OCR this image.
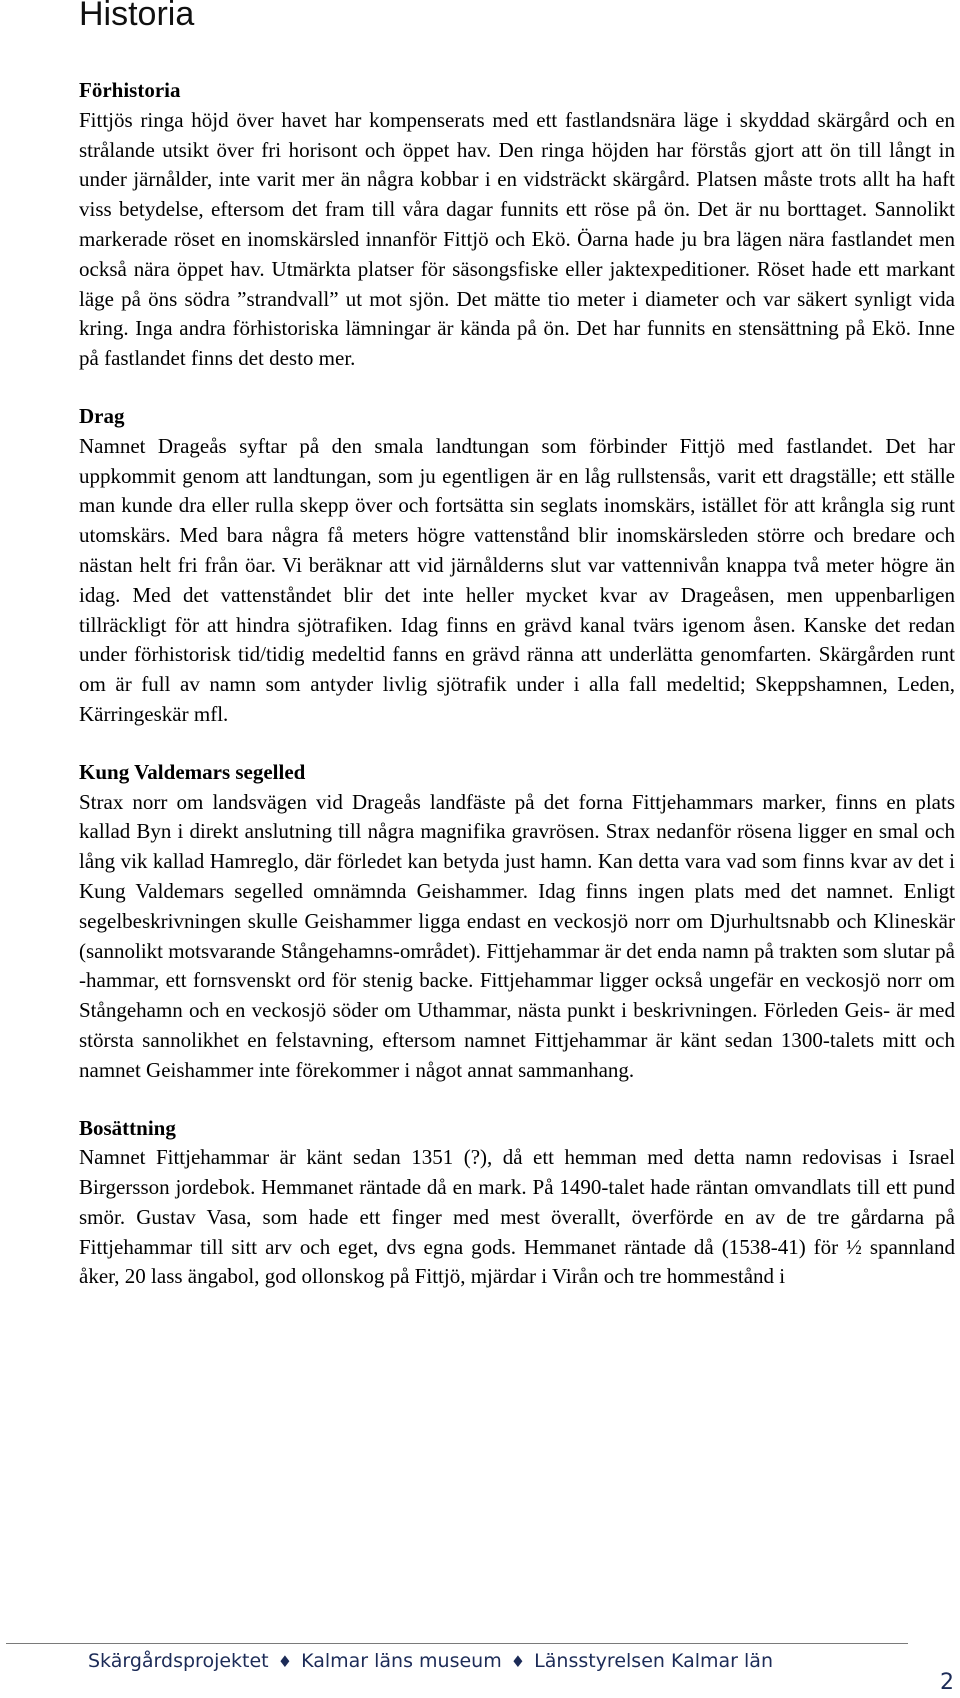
Historia
Förhistoria

Fittjös ringa höjd över havet har kompenserats med ett fastlandsnära läge i skyddad skärgård och en strålande utsikt över fri horisont och öppet hav. Den ringa höjden har förstås gjort att ön till långt in under järnålder, inte varit mer än några kobbar i en vidsträckt skärgård. Platsen måste trots allt ha haft viss betydelse, eftersom det fram till våra dagar funnits ett röse på ön. Det är nu borttaget. Sannolikt markerade röset en inomskärsled innanför Fittjö och Ekö. Öarna hade ju bra lägen nära fastlandet men också nära öppet hav. Utmärkta platser för säsongsfiske eller jaktexpeditioner. Röset hade ett markant läge på öns södra ”strandvall” ut mot sjön. Det mätte tio meter i diameter och var säkert synligt vida kring. Inga andra förhistoriska lämningar är kända på ön. Det har funnits en stensättning på Ekö. Inne på fastlandet finns det desto mer.

Drag

Namnet Drageås syftar på den smala landtungan som förbinder Fittjö med fastlandet. Det har uppkommit genom att landtungan, som ju egentligen är en låg rullstensås, varit ett dragställe; ett ställe man kunde dra eller rulla skepp över och fortsätta sin seglats inomskärs, istället för att krångla sig runt utomskärs. Med bara några få meters högre vattenstånd blir inomskärsleden större och bredare och nästan helt fri från öar. Vi beräknar att vid järnålderns slut var vattennivån knappa två meter högre än idag. Med det vattenståndet blir det inte heller mycket kvar av Drageåsen, men uppenbarligen tillräckligt för att hindra sjötrafiken. Idag finns en grävd kanal tvärs igenom åsen. Kanske det redan under förhistorisk tid/tidig medeltid fanns en grävd ränna att underlätta genomfarten. Skärgården runt om är full av namn som antyder livlig sjötrafik under i alla fall medeltid; Skeppshamnen, Leden, Kärringeskär mfl.

Kung Valdemars segelled

Strax norr om landsvägen vid Drageås landfäste på det forna Fittjehammars marker, finns en plats kallad Byn i direkt anslutning till några magnifika gravrösen. Strax nedanför rösena ligger en smal och lång vik kallad Hamreglo, där förledet kan betyda just hamn. Kan detta vara vad som finns kvar av det i Kung Valdemars segelled omnämnda Geishammer. Idag finns ingen plats med det namnet. Enligt segelbeskrivningen skulle Geishammer ligga endast en veckosjö norr om Djurhultsnabb och Klineskär (sannolikt motsvarande Stångehamns-området). Fittjehammar är det enda namn på trakten som slutar på -hammar, ett fornsvenskt ord för stenig backe. Fittjehammar ligger också ungefär en veckosjö norr om Stångehamn och en veckosjö söder om Uthammar, nästa punkt i beskrivningen. Förleden Geis- är med största sannolikhet en felstavning, eftersom namnet Fittjehammar är känt sedan 1300-talets mitt och namnet Geishammer inte förekommer i något annat sammanhang.

Bosättning

Namnet Fittjehammar är känt sedan 1351 (?), då ett hemman med detta namn redovisas i Israel Birgersson jordebok. Hemmanet räntade då en mark. På 1490-talet hade räntan omvandlats till ett pund smör. Gustav Vasa, som hade ett finger med mest överallt, överförde en av de tre gårdarna på Fittjehammar till sitt arv och eget, dvs egna gods. Hemmanet räntade då (1538-41) för ½ spannland åker, 20 lass ängabol, god ollonskog på Fittjö, mjärdar i Virån och tre hommestånd i

Skärgårdsprojektet ♦ Kalmar läns museum ♦ Länsstyrelsen Kalmar län
2
